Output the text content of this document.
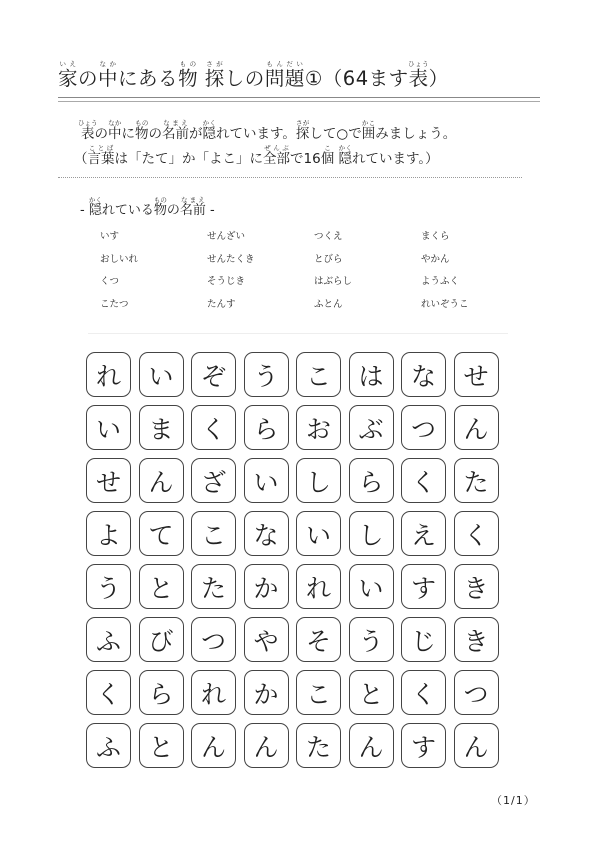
家いえの中なかにある物もの 探さがしの問題もんだい①（64ます表ひょう）
表ひょうの中なかに物ものの名前なまえが隠かくれています。探さがして○で囲かこみましょう。
（言葉ことばは「たて」か「よこ」に全部ぜんぶで16個こ 隠かくれています。）
- 隠かくれている物ものの名前なまえ -
いす	せんざい	つくえ	まくら
おしいれ	せんたくき	とびら	やかん
くつ	そうじき	はぶらし	ようふく
こたつ	たんす	ふとん	れいぞうこ
れ	い	ぞ	う	こ	は	な	せ
い	ま	く	ら	お	ぶ	つ	ん
せ	ん	ざ	い	し	ら	く	た
よ	て	こ	な	い	し	え	く
う	と	た	か	れ	い	す	き
ふ	び	つ	や	そ	う	じ	き
く	ら	れ	か	こ	と	く	つ
ふ	と	ん	ん	た	ん	す	ん
（1/1）
